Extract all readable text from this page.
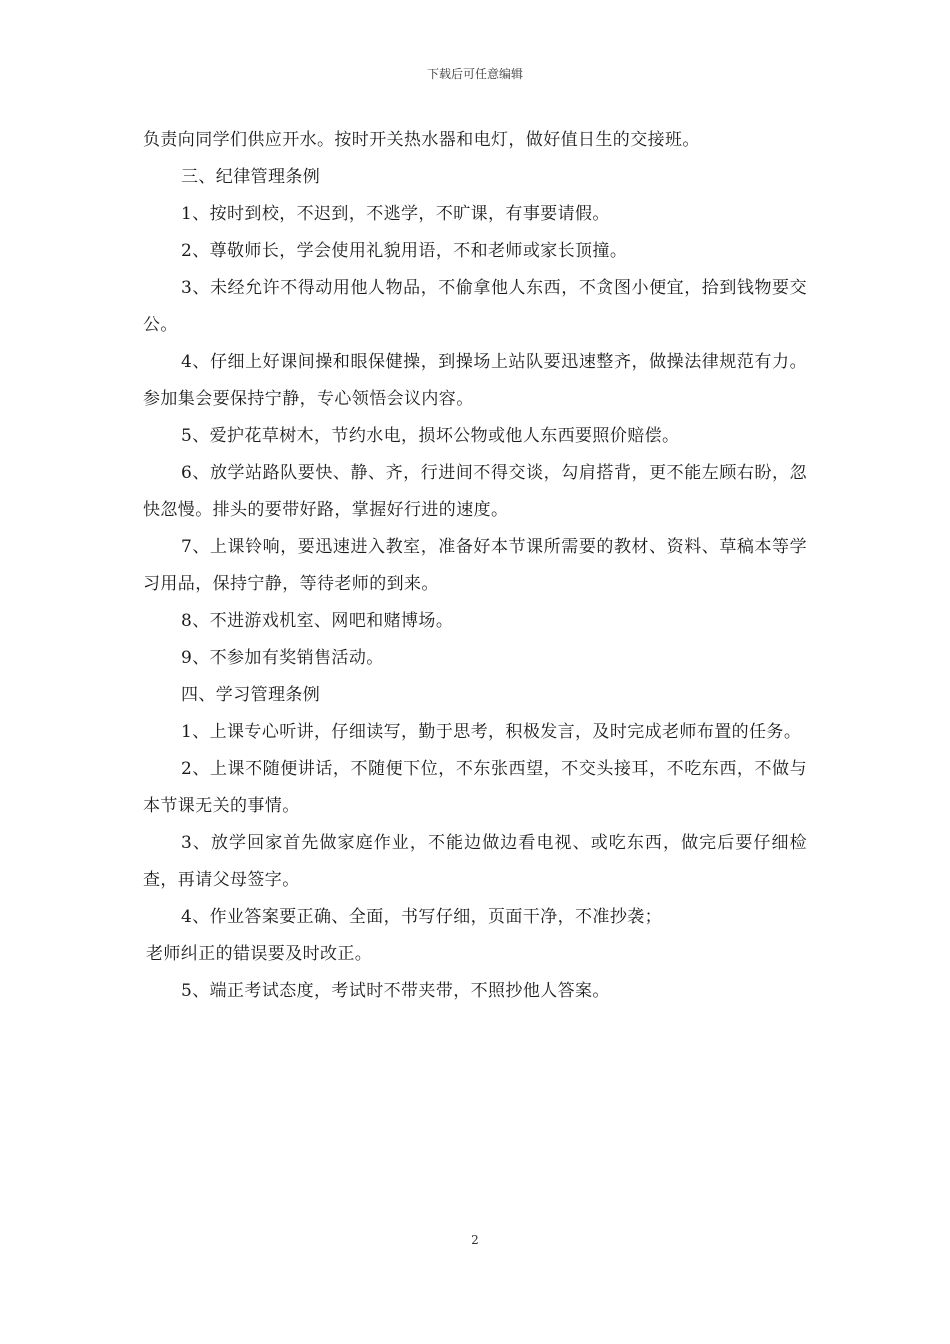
下载后可任意编辑

负责向同学们供应开水。按时开关热水器和电灯，做好值日生的交接班。

三、纪律管理条例

1、按时到校，不迟到，不逃学，不旷课，有事要请假。

2、尊敬师长，学会使用礼貌用语，不和老师或家长顶撞。

3、未经允许不得动用他人物品，不偷拿他人东西，不贪图小便宜，拾到钱物要交公。

4、仔细上好课间操和眼保健操，到操场上站队要迅速整齐，做操法律规范有力。参加集会要保持宁静，专心领悟会议内容。

5、爱护花草树木，节约水电，损坏公物或他人东西要照价赔偿。

6、放学站路队要快、静、齐，行进间不得交谈，勾肩搭背，更不能左顾右盼，忽快忽慢。排头的要带好路，掌握好行进的速度。

7、上课铃响，要迅速进入教室，准备好本节课所需要的教材、资料、草稿本等学习用品，保持宁静，等待老师的到来。

8、不进游戏机室、网吧和赌博场。

9、不参加有奖销售活动。

四、学习管理条例

1、上课专心听讲，仔细读写，勤于思考，积极发言，及时完成老师布置的任务。

2、上课不随便讲话，不随便下位，不东张西望，不交头接耳，不吃东西，不做与本节课无关的事情。

3、放学回家首先做家庭作业，不能边做边看电视、或吃东西，做完后要仔细检查，再请父母签字。

4、作业答案要正确、全面，书写仔细，页面干净，不准抄袭；

老师纠正的错误要及时改正。

5、端正考试态度，考试时不带夹带，不照抄他人答案。

2
